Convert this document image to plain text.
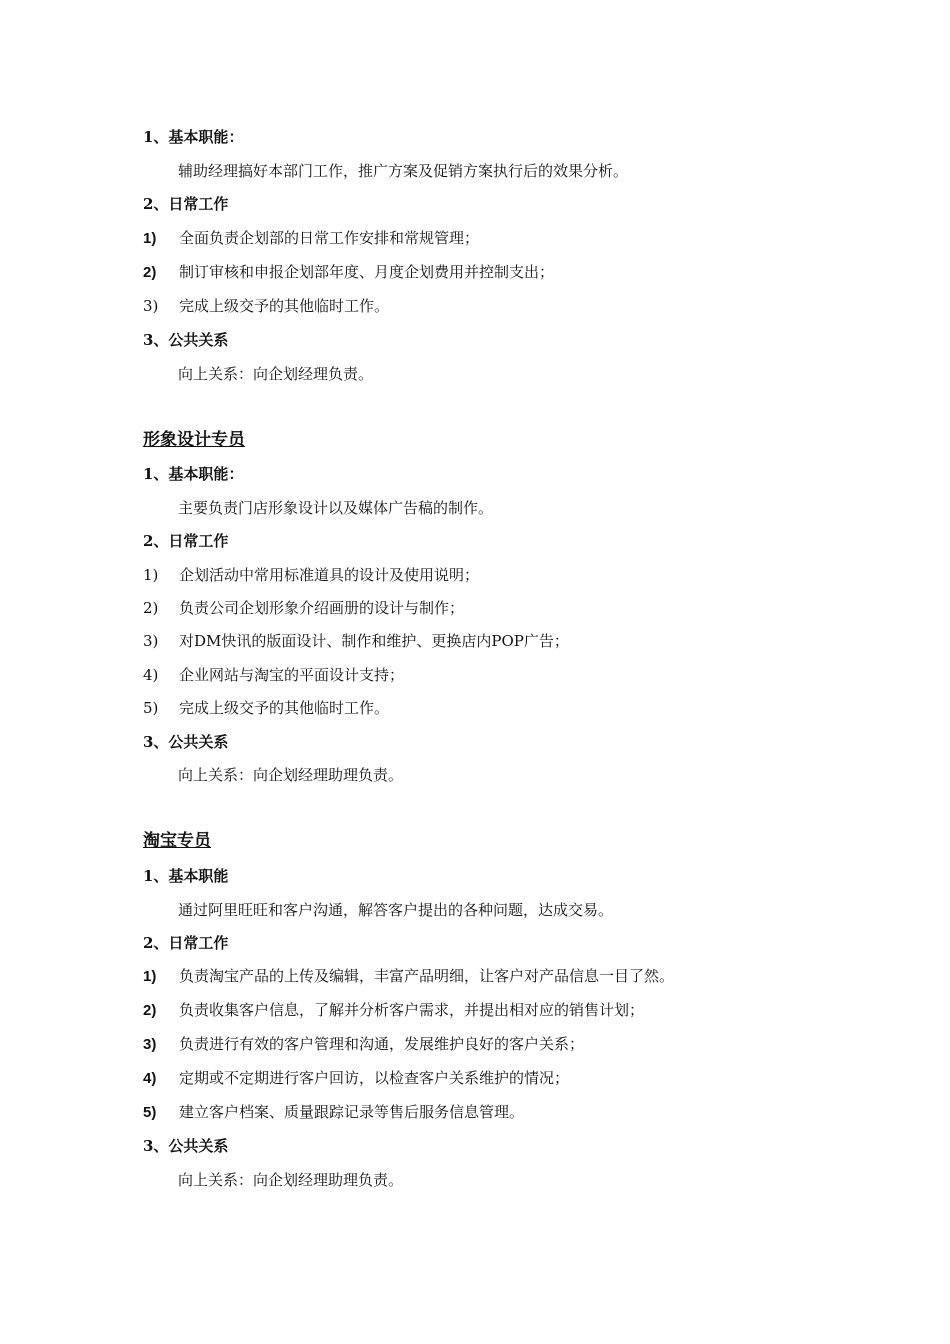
1、基本职能：
辅助经理搞好本部门工作，推广方案及促销方案执行后的效果分析。
2、日常工作
1) 全面负责企划部的日常工作安排和常规管理；
2) 制订审核和申报企划部年度、月度企划费用并控制支出；
3) 完成上级交予的其他临时工作。
3、公共关系
向上关系：向企划经理负责。
形象设计专员
1、基本职能：
主要负责门店形象设计以及媒体广告稿的制作。
2、日常工作
1) 企划活动中常用标准道具的设计及使用说明；
2) 负责公司企划形象介绍画册的设计与制作；
3) 对DM快讯的版面设计、制作和维护、更换店内POP广告；
4) 企业网站与淘宝的平面设计支持；
5) 完成上级交予的其他临时工作。
3、公共关系
向上关系：向企划经理助理负责。
淘宝专员
1、基本职能
通过阿里旺旺和客户沟通，解答客户提出的各种问题，达成交易。
2、日常工作
1) 负责淘宝产品的上传及编辑，丰富产品明细，让客户对产品信息一目了然。
2) 负责收集客户信息，了解并分析客户需求，并提出相对应的销售计划；
3) 负责进行有效的客户管理和沟通，发展维护良好的客户关系；
4) 定期或不定期进行客户回访，以检查客户关系维护的情况；
5) 建立客户档案、质量跟踪记录等售后服务信息管理。
3、公共关系
向上关系：向企划经理助理负责。
